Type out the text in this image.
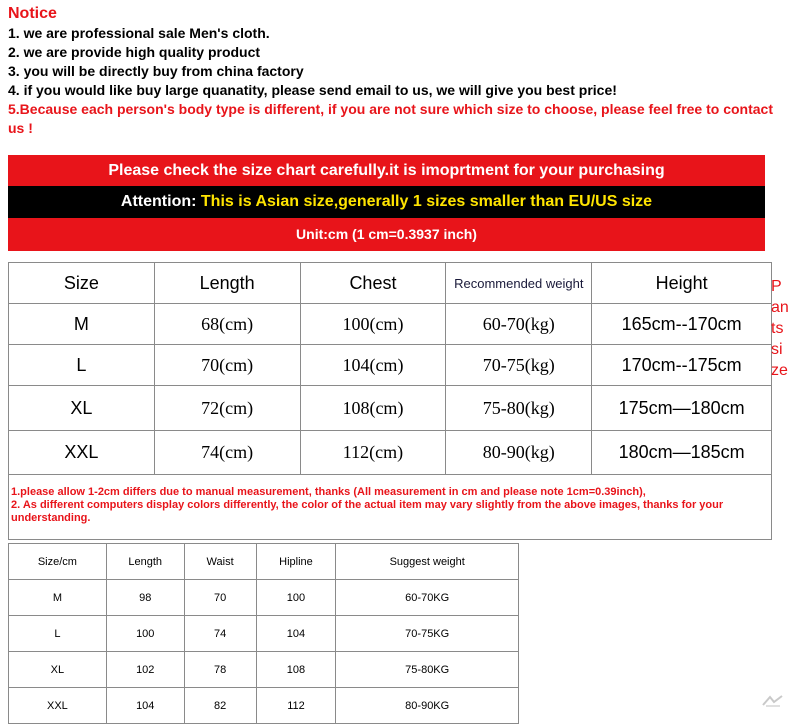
Notice
1. we are professional sale Men's cloth.
2. we are provide high quality product
3. you will be directly buy from china factory
4. if you would like buy large quanatity, please send email to us, we will give you best price!
5.Because each person's body type is different, if you are not sure which size to choose, please feel free to contact us !
Please check the size chart carefully.it is imoprtment for your purchasing
Attention: This is Asian size,generally 1 sizes smaller than EU/US size
Unit:cm (1 cm=0.3937 inch)
Size	Length	Chest	Recommended weight	Height
M	68(cm)	100(cm)	60-70(kg)	165cm--170cm
L	70(cm)	104(cm)	70-75(kg)	170cm--175cm
XL	72(cm)	108(cm)	75-80(kg)	175cm—180cm
XXL	74(cm)	112(cm)	80-90(kg)	180cm—185cm

1.please allow 1-2cm differs due to manual measurement, thanks (All measurement in cm and please note 1cm=0.39inch),
2. As different computers display colors differently, the color of the actual item may vary slightly from the above images, thanks for your understanding.				
P an ts si ze
Size/cm	Length	Waist	Hipline	Suggest weight
M	98	70	100	60-70KG
L	100	74	104	70-75KG
XL	102	78	108	75-80KG
XXL	104	82	112	80-90KG
